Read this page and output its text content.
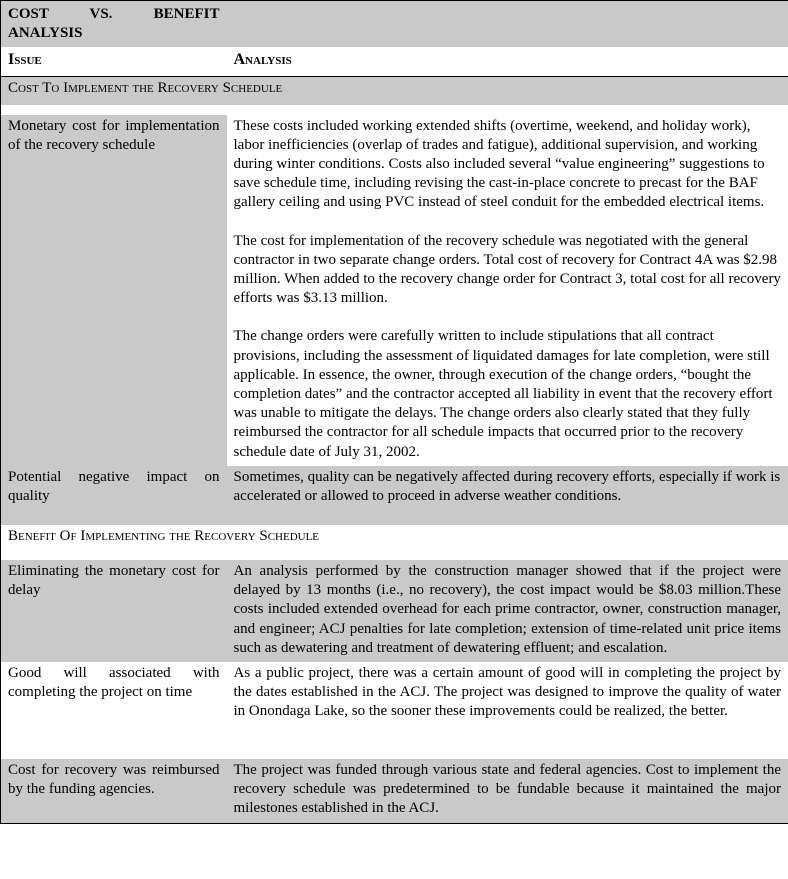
COST VS. BENEFIT ANALYSIS	
Issue	Analysis
Cost To Implement the Recovery Schedule	

Monetary cost for implementation of the recovery schedule	These costs included working extended shifts (overtime, weekend, and holiday work), labor inefficiencies (overlap of trades and fatigue), additional supervision, and working during winter conditions. Costs also included several “value engineering” suggestions to save schedule time, including revising the cast-in-place concrete to precast for the BAF gallery ceiling and using PVC instead of steel conduit for the embedded electrical items.

The cost for implementation of the recovery schedule was negotiated with the general contractor in two separate change orders. Total cost of recovery for Contract 4A was $2.98 million. When added to the recovery change order for Contract 3, total cost for all recovery efforts was $3.13 million.

The change orders were carefully written to include stipulations that all contract provisions, including the assessment of liquidated damages for late completion, were still applicable. In essence, the owner, through execution of the change orders, “bought the completion dates” and the contractor accepted all liability in event that the recovery effort was unable to mitigate the delays. The change orders also clearly stated that they fully reimbursed the contractor for all schedule impacts that occurred prior to the recovery schedule date of July 31, 2002.

Potential negative impact on quality	Sometimes, quality can be negatively affected during recovery efforts, especially if work is accelerated or allowed to proceed in adverse weather conditions.

Benefit Of Implementing the Recovery Schedule	

Eliminating the monetary cost for delay	An analysis performed by the construction manager showed that if the project were delayed by 13 months (i.e., no recovery), the cost impact would be $8.03 million.These costs included extended overhead for each prime contractor, owner, construction manager, and engineer; ACJ penalties for late completion; extension of time-related unit price items such as dewatering and treatment of dewatering effluent; and escalation.

Good will associated with completing the project on time	As a public project, there was a certain amount of good will in completing the project by the dates established in the ACJ. The project was designed to improve the quality of water in Onondaga Lake, so the sooner these improvements could be realized, the better.

Cost for recovery was reimbursed by the funding agencies.	The project was funded through various state and federal agencies. Cost to implement the recovery schedule was predetermined to be fundable because it maintained the major milestones established in the ACJ.
